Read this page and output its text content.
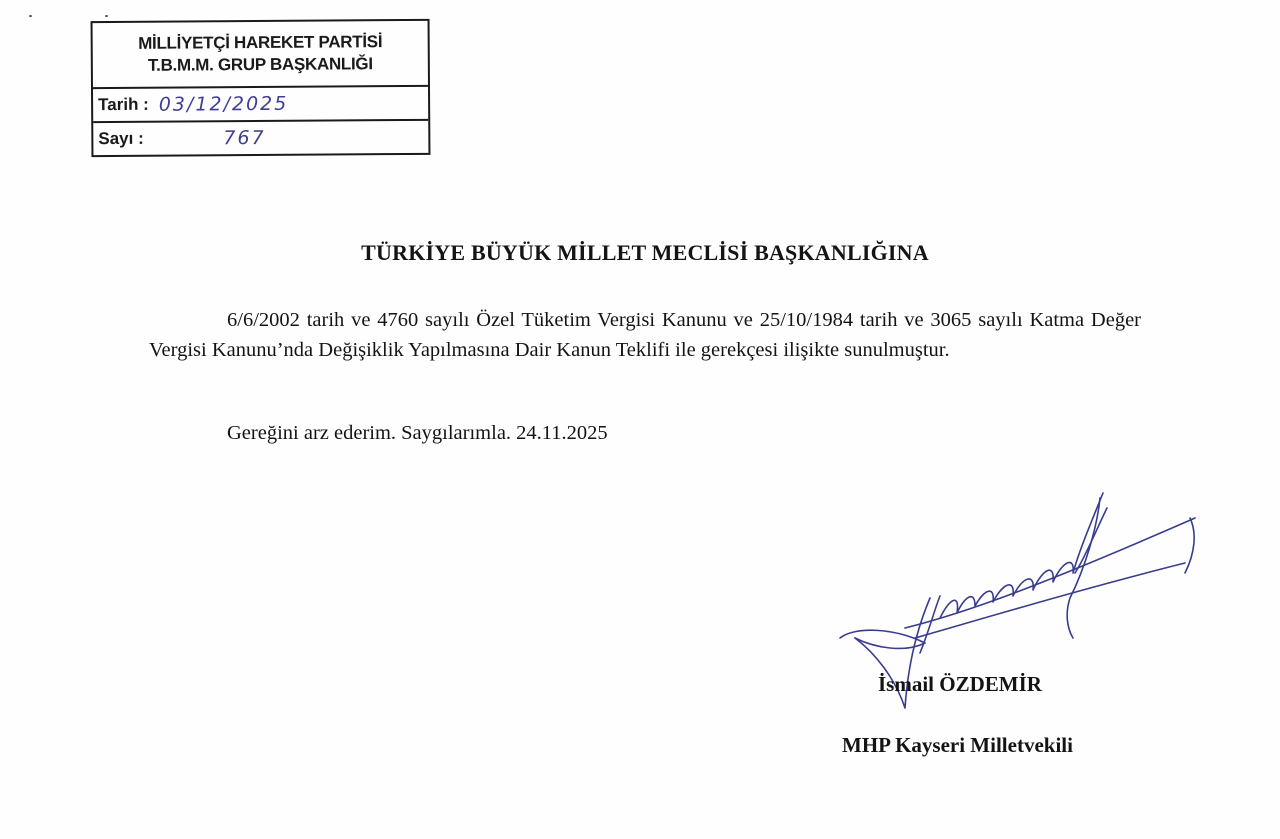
MİLLİYETÇİ HAREKET PARTİSİ
T.B.M.M. GRUP BAŞKANLIĞI
Tarih : 03/12/2025
Sayı :	767
TÜRKİYE BÜYÜK MİLLET MECLİSİ BAŞKANLIĞINA

6/6/2002 tarih ve 4760 sayılı Özel Tüketim Vergisi Kanunu ve 25/10/1984 tarih ve 3065 sayılı Katma Değer Vergisi Kanunu’nda Değişiklik Yapılmasına Dair Kanun Teklifi ile gerekçesi ilişikte sunulmuştur.

Gereğini arz ederim. Saygılarımla. 24.11.2025
İsmail ÖZDEMİR
MHP Kayseri Milletvekili
